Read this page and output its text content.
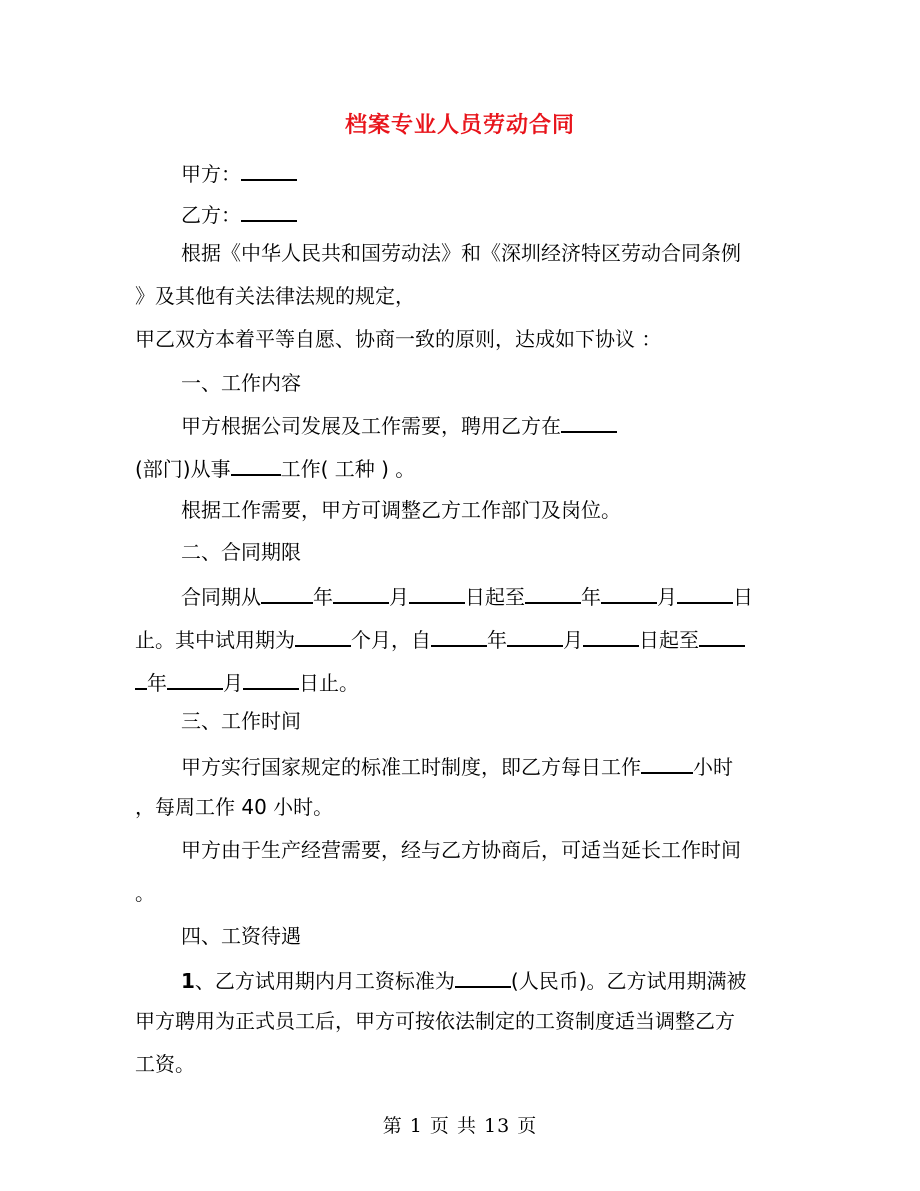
档案专业人员劳动合同
甲方：
乙方：
根据《中华人民共和国劳动法》和《深圳经济特区劳动合同条例
》及其他有关法律法规的规定，
甲乙双方本着平等自愿、协商一致的原则，达成如下协议 ：
一、工作内容
甲方根据公司发展及工作需要，聘用乙方在
(部门)从事	工作( 工种 ) 。
根据工作需要，甲方可调整乙方工作部门及岗位。
二、合同期限
合同期从	年	月	日起至	年	月	日
止。其中试用期为	个月，自	年	月	日起至
年	月	日止。
三、工作时间
甲方实行国家规定的标准工时制度，即乙方每日工作	小时
，每周工作 40 小时。
甲方由于生产经营需要，经与乙方协商后，可适当延长工作时间
。
四、工资待遇
1、乙方试用期内月工资标准为	(人民币)。乙方试用期满被
甲方聘用为正式员工后，甲方可按依法制定的工资制度适当调整乙方
工资。
第 1 页 共 13 页
